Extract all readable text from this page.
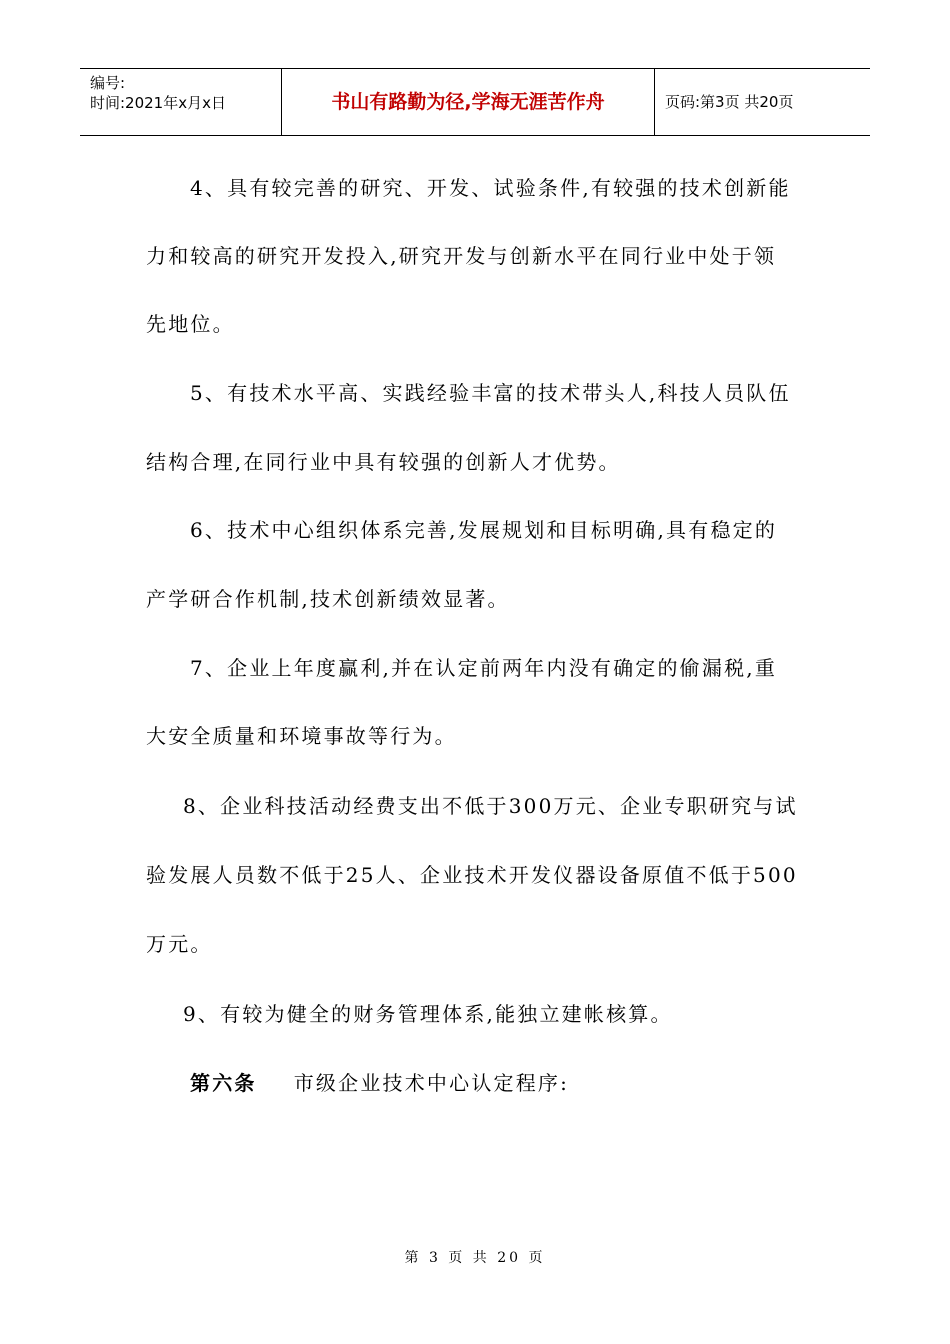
编号:
时间:2021年x月x日	书山有路勤为径,学海无涯苦作舟	页码:第3页 共20页
4、具有较完善的研究、开发、试验条件,有较强的技术创新能
力和较高的研究开发投入,研究开发与创新水平在同行业中处于领
先地位。
5、有技术水平高、实践经验丰富的技术带头人,科技人员队伍
结构合理,在同行业中具有较强的创新人才优势。
6、技术中心组织体系完善,发展规划和目标明确,具有稳定的
产学研合作机制,技术创新绩效显著。
7、企业上年度赢利,并在认定前两年内没有确定的偷漏税,重
大安全质量和环境事故等行为。
8、企业科技活动经费支出不低于300万元、企业专职研究与试
验发展人员数不低于25人、企业技术开发仪器设备原值不低于500
万元。
9、有较为健全的财务管理体系,能独立建帐核算。
第六条 市级企业技术中心认定程序:
第 3 页 共 20 页
